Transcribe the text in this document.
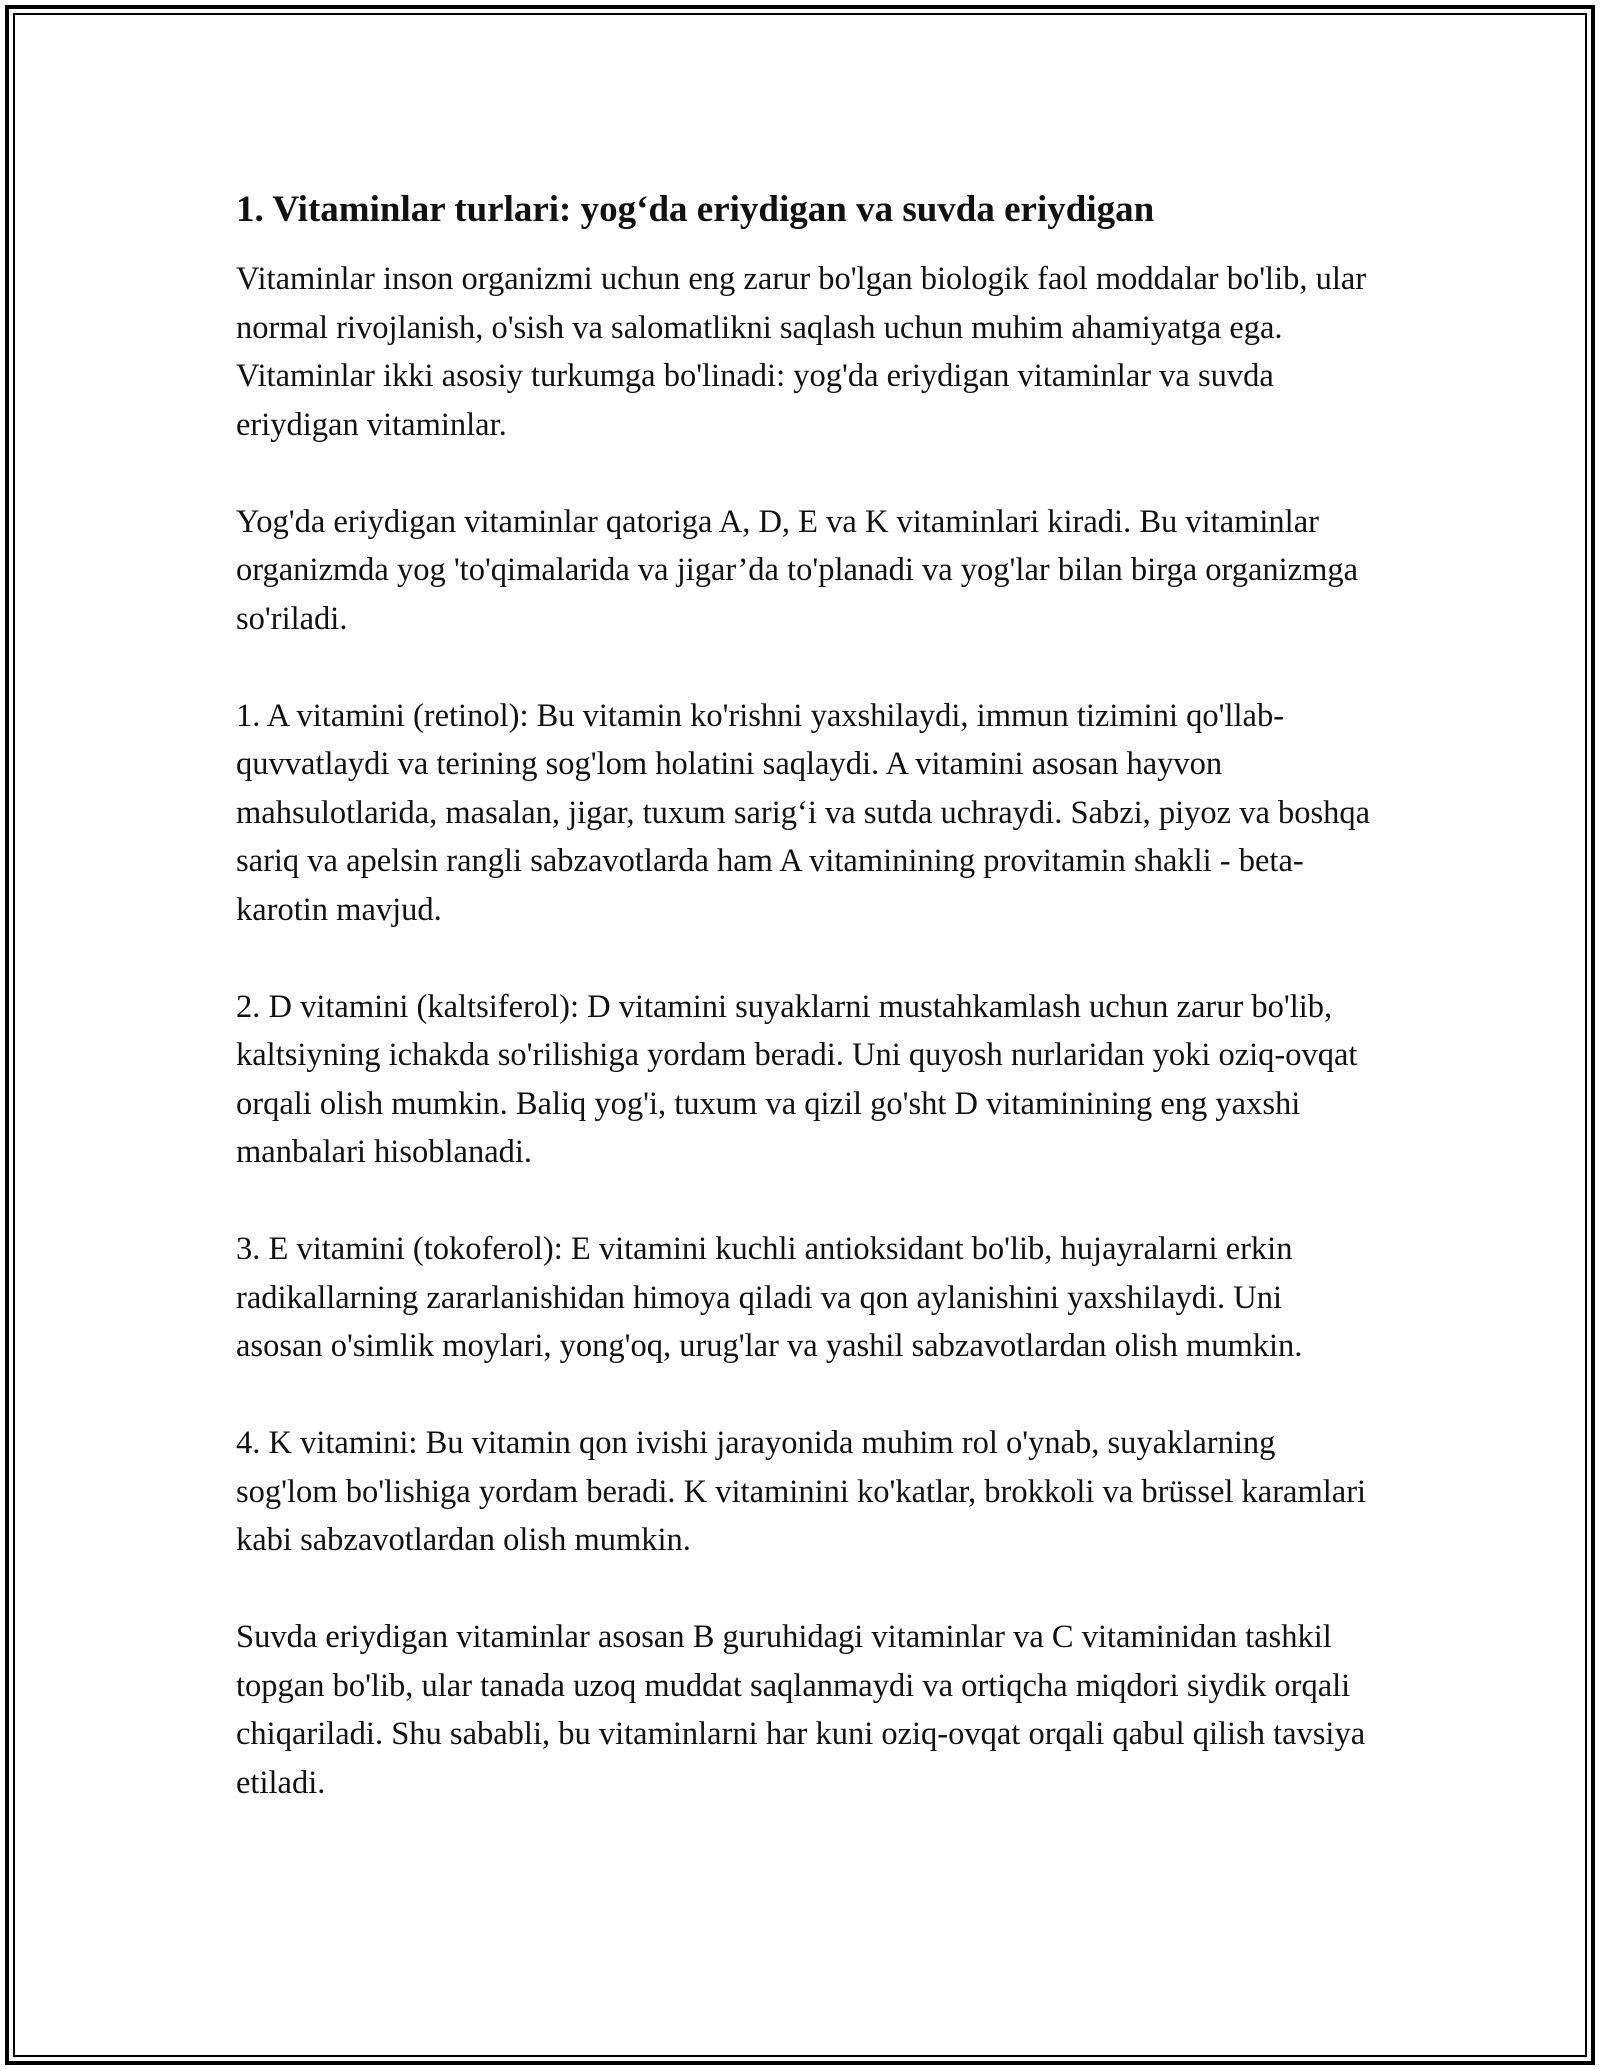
1. Vitaminlar turlari: yog‘da eriydigan va suvda eriydigan

Vitaminlar inson organizmi uchun eng zarur bo'lgan biologik faol moddalar bo'lib, ular normal rivojlanish, o'sish va salomatlikni saqlash uchun muhim ahamiyatga ega. Vitaminlar ikki asosiy turkumga bo'linadi: yog'da eriydigan vitaminlar va suvda eriydigan vitaminlar.

Yog'da eriydigan vitaminlar qatoriga A, D, E va K vitaminlari kiradi. Bu vitaminlar organizmda yog 'to'qimalarida va jigar’da to'planadi va yog'lar bilan birga organizmga so'riladi.

1. A vitamini (retinol): Bu vitamin ko'rishni yaxshilaydi, immun tizimini qo'llab-quvvatlaydi va terining sog'lom holatini saqlaydi. A vitamini asosan hayvon mahsulotlarida, masalan, jigar, tuxum sarig‘i va sutda uchraydi. Sabzi, piyoz va boshqa sariq va apelsin rangli sabzavotlarda ham A vitaminining provitamin shakli - beta-karotin mavjud.

2. D vitamini (kaltsiferol): D vitamini suyaklarni mustahkamlash uchun zarur bo'lib, kaltsiyning ichakda so'rilishiga yordam beradi. Uni quyosh nurlaridan yoki oziq-ovqat orqali olish mumkin. Baliq yog'i, tuxum va qizil go'sht D vitaminining eng yaxshi manbalari hisoblanadi.

3. E vitamini (tokoferol): E vitamini kuchli antioksidant bo'lib, hujayralarni erkin radikallarning zararlanishidan himoya qiladi va qon aylanishini yaxshilaydi. Uni asosan o'simlik moylari, yong'oq, urug'lar va yashil sabzavotlardan olish mumkin.

4. K vitamini: Bu vitamin qon ivishi jarayonida muhim rol o'ynab, suyaklarning sog'lom bo'lishiga yordam beradi. K vitaminini ko'katlar, brokkoli va brüssel karamlari kabi sabzavotlardan olish mumkin.

Suvda eriydigan vitaminlar asosan B guruhidagi vitaminlar va C vitaminidan tashkil topgan bo'lib, ular tanada uzoq muddat saqlanmaydi va ortiqcha miqdori siydik orqali chiqariladi. Shu sababli, bu vitaminlarni har kuni oziq-ovqat orqali qabul qilish tavsiya etiladi.
